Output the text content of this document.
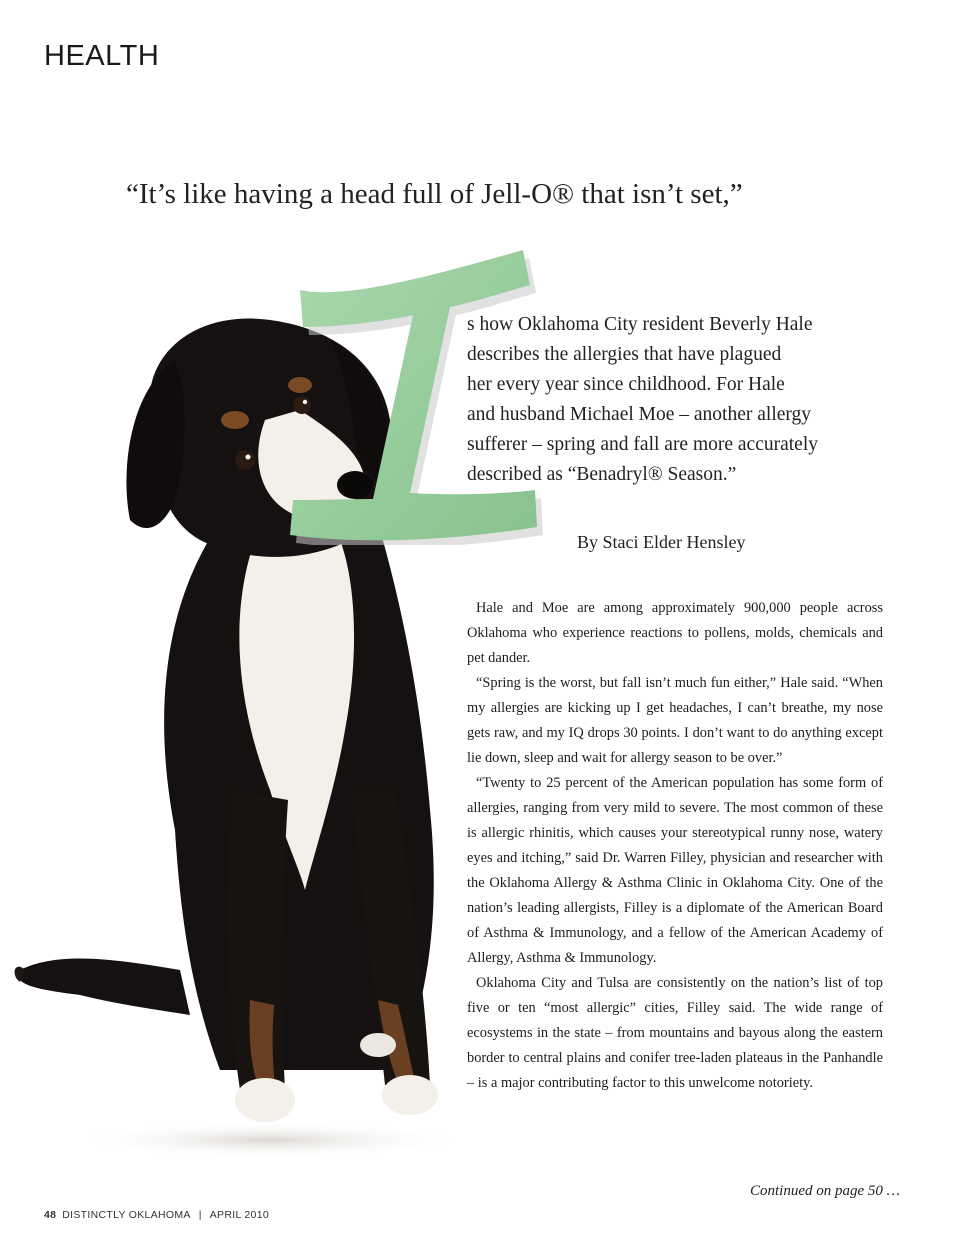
HEALTH

“It’s like having a head full of Jell-O® that isn’t set,”

s how Oklahoma City resident Beverly Hale
describes the allergies that have plagued
her every year since childhood. For Hale
and husband Michael Moe – another allergy
sufferer – spring and fall are more accurately
described as “Benadryl® Season.”

By Staci Elder Hensley

Hale and Moe are among approximately 900,000 people across Oklahoma who experience reactions to pollens, molds, chemicals and pet dander.

“Spring is the worst, but fall isn’t much fun either,” Hale said. “When my allergies are kicking up I get headaches, I can’t breathe, my nose gets raw, and my IQ drops 30 points. I don’t want to do anything except lie down, sleep and wait for allergy season to be over.”

“Twenty to 25 percent of the American population has some form of allergies, ranging from very mild to severe. The most common of these is allergic rhinitis, which causes your stereotypical runny nose, watery eyes and itching,” said Dr. Warren Filley, physician and researcher with the Oklahoma Allergy & Asthma Clinic in Oklahoma City. One of the nation’s leading allergists, Filley is a diplomate of the American Board of Asthma & Immunology, and a fellow of the American Academy of Allergy, Asthma & Immunology.

Oklahoma City and Tulsa are consistently on the nation’s list of top five or ten “most allergic” cities, Filley said. The wide range of ecosystems in the state – from mountains and bayous along the eastern border to central plains and conifer tree-laden plateaus in the Panhandle – is a major contributing factor to this unwelcome notoriety.

Continued on page 50 …
48 DISTINCTLY OKLAHOMA | APRIL 2010
